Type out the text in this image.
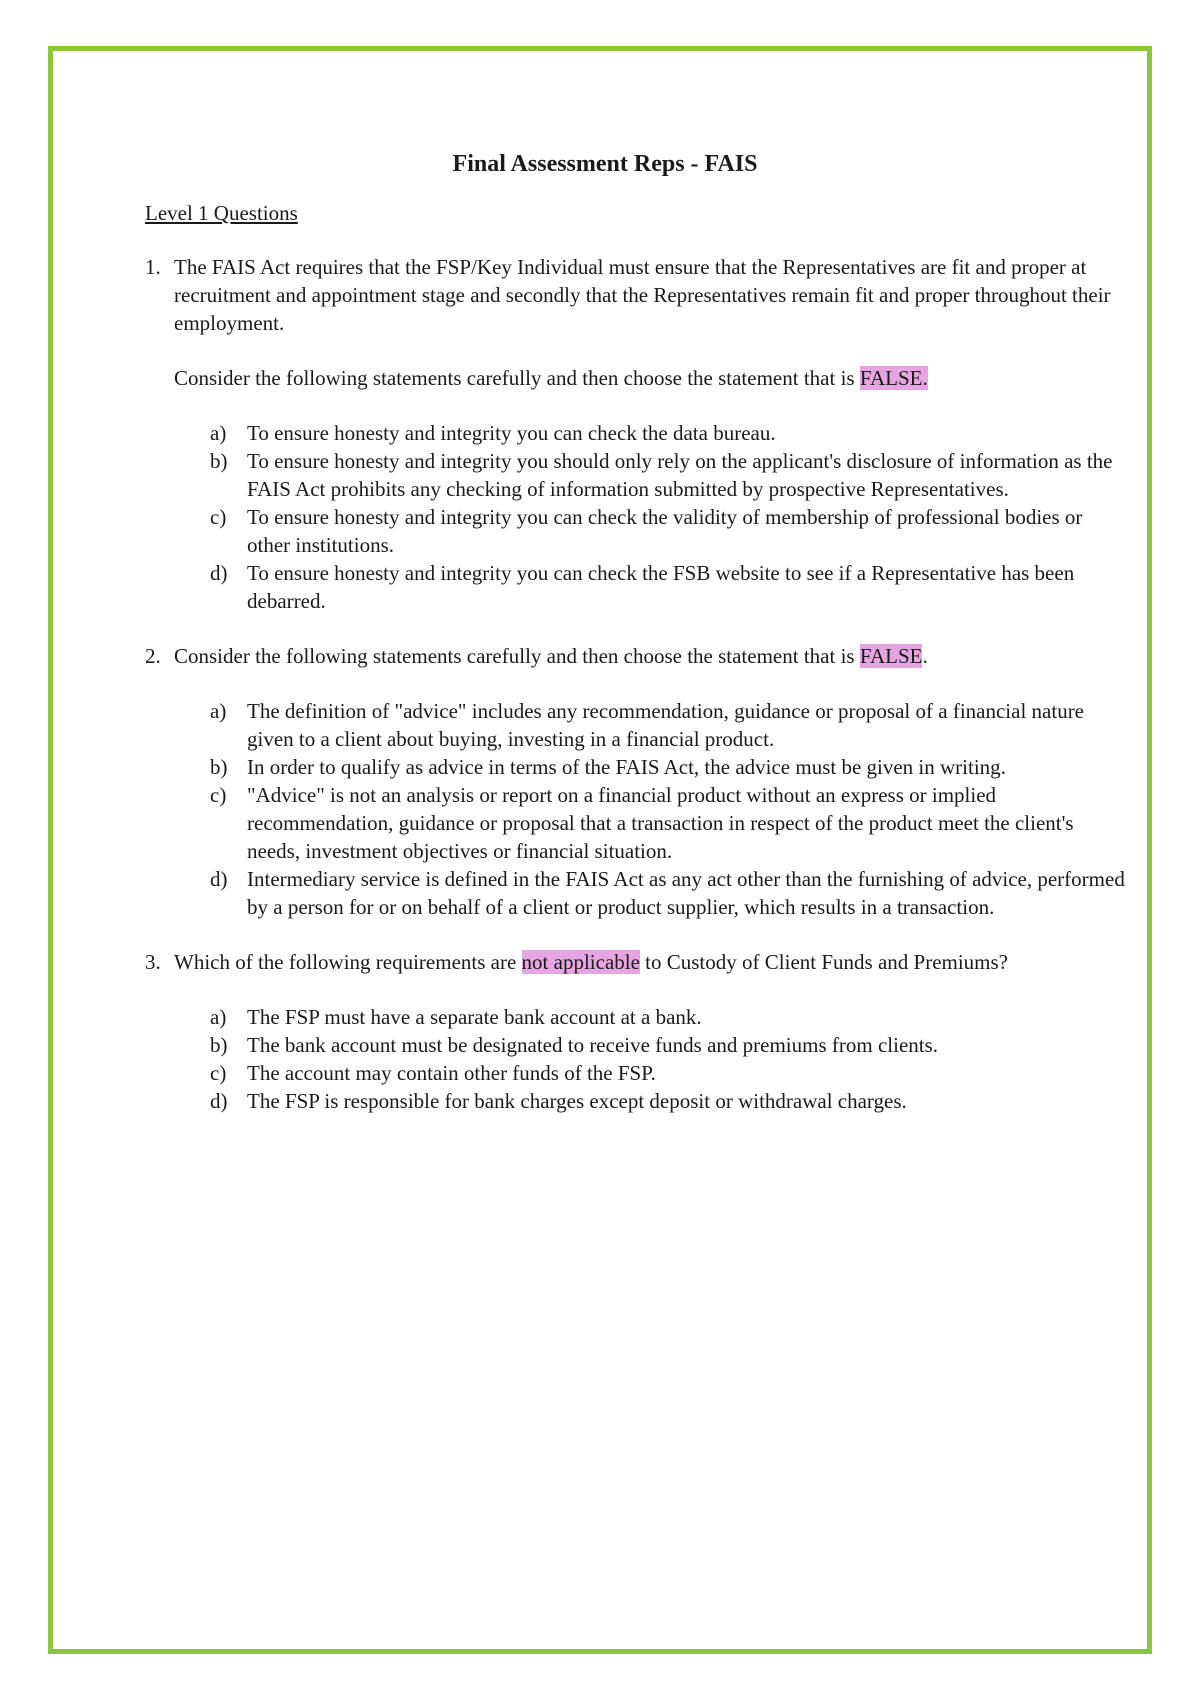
Final Assessment Reps - FAIS
Level 1 Questions
1. The FAIS Act requires that the FSP/Key Individual must ensure that the Representatives are fit and proper at recruitment and appointment stage and secondly that the Representatives remain fit and proper throughout their employment.

Consider the following statements carefully and then choose the statement that is FALSE.

a) To ensure honesty and integrity you can check the data bureau.
b) To ensure honesty and integrity you should only rely on the applicant's disclosure of information as the FAIS Act prohibits any checking of information submitted by prospective Representatives.
c) To ensure honesty and integrity you can check the validity of membership of professional bodies or other institutions.
d) To ensure honesty and integrity you can check the FSB website to see if a Representative has been debarred.
2. Consider the following statements carefully and then choose the statement that is FALSE.

a) The definition of "advice" includes any recommendation, guidance or proposal of a financial nature given to a client about buying, investing in a financial product.
b) In order to qualify as advice in terms of the FAIS Act, the advice must be given in writing.
c) "Advice" is not an analysis or report on a financial product without an express or implied recommendation, guidance or proposal that a transaction in respect of the product meet the client's needs, investment objectives or financial situation.
d) Intermediary service is defined in the FAIS Act as any act other than the furnishing of advice, performed by a person for or on behalf of a client or product supplier, which results in a transaction.
3. Which of the following requirements are not applicable to Custody of Client Funds and Premiums?

a) The FSP must have a separate bank account at a bank.
b) The bank account must be designated to receive funds and premiums from clients.
c) The account may contain other funds of the FSP.
d) The FSP is responsible for bank charges except deposit or withdrawal charges.
